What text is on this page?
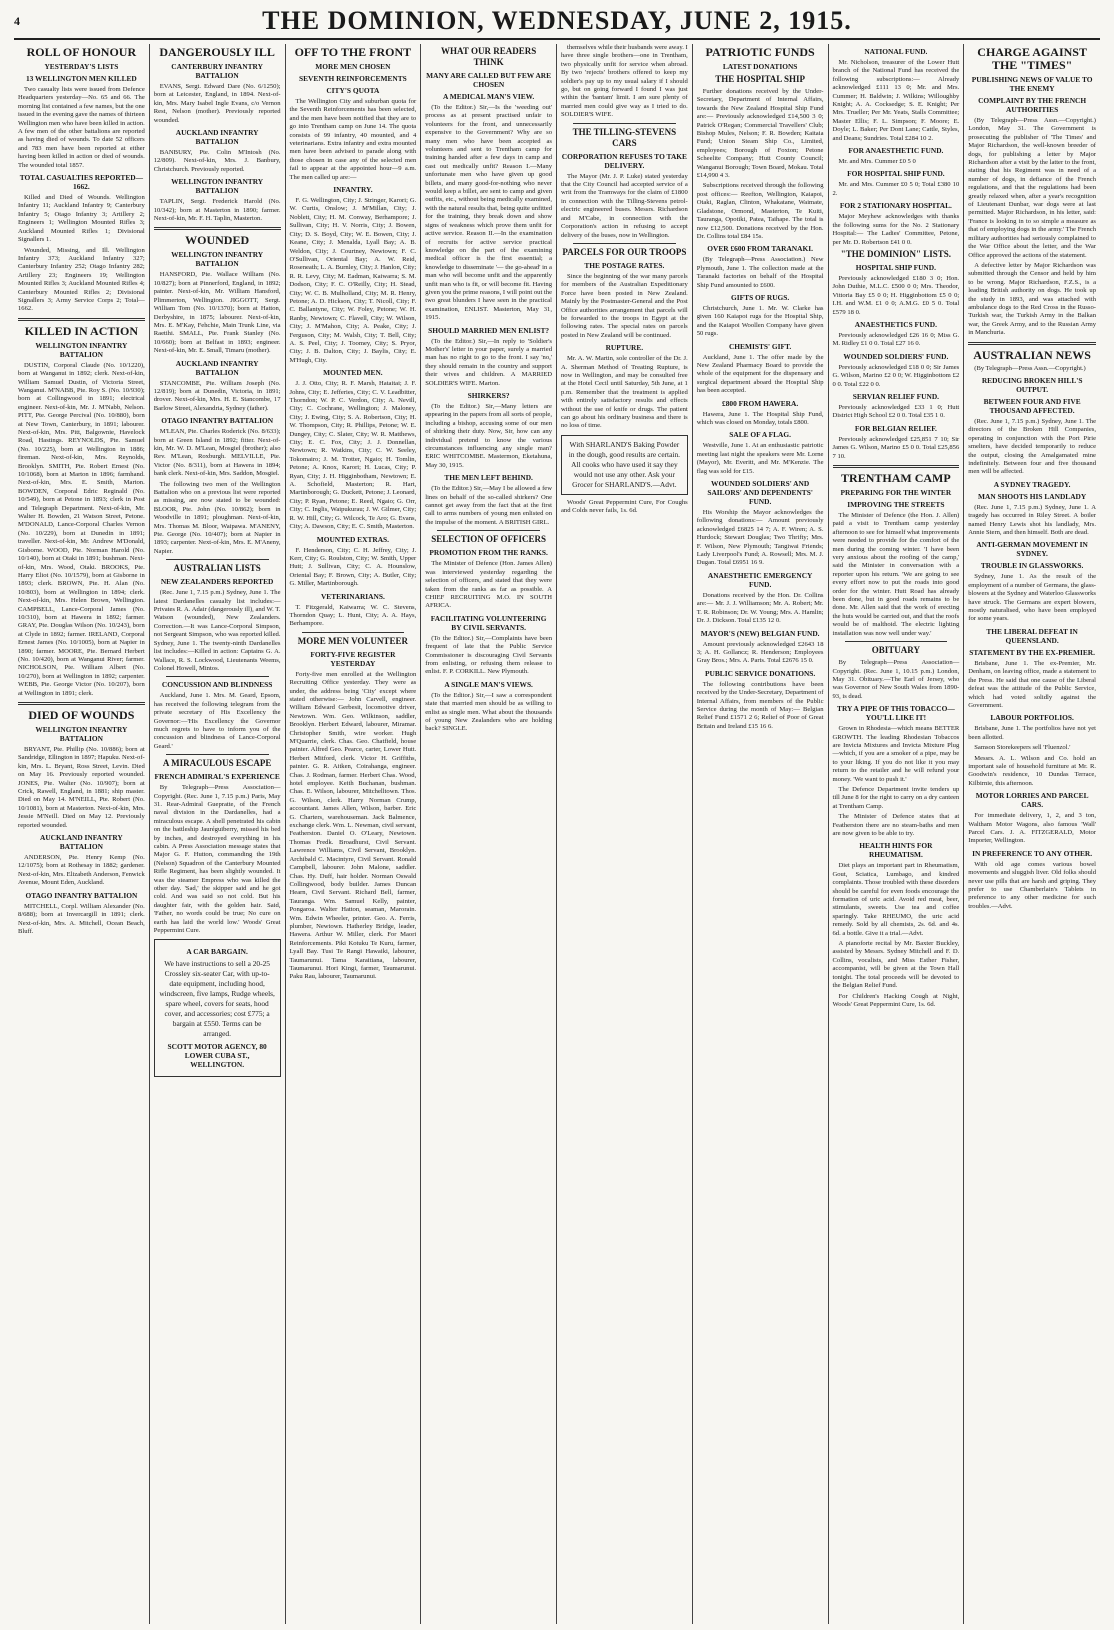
4	THE DOMINION, WEDNESDAY, JUNE 2, 1915.
ROLL OF HONOUR
YESTERDAY'S LISTS
13 WELLINGTON MEN KILLED

Two casualty lists were issued from Defence Headquarters yesterday—No. 65 and 66. The morning list contained a few names, but the one issued in the evening gave the names of thirteen Wellington men who have been killed in action. A few men of the other battalions are reported as having died of wounds. To date 52 officers and 783 men have been reported at either having been killed in action or died of wounds. The wounded total 1857.

TOTAL CASUALTIES REPORTED—1662.

Killed and Died of Wounds. Wellington Infantry 11; Auckland Infantry 9; Canterbury Infantry 5; Otago Infantry 3; Artillery 2; Engineers 1; Wellington Mounted Rifles 3; Auckland Mounted Rifles 1; Divisional Signallers 1.

Wounded, Missing, and Ill. Wellington Infantry 373; Auckland Infantry 327; Canterbury Infantry 252; Otago Infantry 282; Artillery 23; Engineers 19; Wellington Mounted Rifles 3; Auckland Mounted Rifles 4; Canterbury Mounted Rifles 2; Divisional Signallers 3; Army Service Corps 2; Total—1662.

KILLED IN ACTION
WELLINGTON INFANTRY BATTALION

DUSTIN, Corporal Claude (No. 10/1220), born at Wanganui in 1892; clerk. Next-of-kin, William Samuel Dustin, of Victoria Street, Wanganui. M'NABB, Pte. Roy S. (No. 10/930); born at Collingwood in 1891; electrical engineer. Next-of-kin, Mr. J. M'Nabb, Nelson. PITT, Pte. George Percival (No. 10/880), born at New Town, Canterbury, in 1891; labourer. Next-of-kin, Mrs. Pitt, Balgownie, Havelock Road, Hastings. REYNOLDS, Pte. Samuel (No. 10/225), born at Wellington in 1886; fireman. Next-of-kin, Mrs. Reynolds, Brooklyn. SMITH, Pte. Robert Ernest (No. 10/1068), born at Marton in 1896; farmhand. Next-of-kin, Mrs. E. Smith, Marton. BOWDEN, Corporal Edric Reginald (No. 10/549), born at Petone in 1893; clerk in Post and Telegraph Department. Next-of-kin, Mr. Walter H. Bowden, 21 Watson Street, Petone. M'DONALD, Lance-Corporal Charles Vernon (No. 10/229), born at Dunedin in 1891; traveller. Next-of-kin, Mr. Andrew M'Donald, Gisborne. WOOD, Pte. Norman Harold (No. 10/140), born at Otaki in 1891; bushman. Next-of-kin, Mrs. Wood, Otaki. BROOKS, Pte. Harry Eliot (No. 10/1579), born at Gisborne in 1893; clerk. BROWN, Pte. H. Alan (No. 10/803), born at Wellington in 1894; clerk. Next-of-kin, Mrs. Helen Brown, Wellington. CAMPBELL, Lance-Corporal James (No. 10/310), born at Hawera in 1892; farmer. GRAY, Pte. Douglas Wilson (No. 10/243), born at Clyde in 1892; farmer. IRELAND, Corporal Ernest James (No. 10/1005), born at Napier in 1890; farmer. MOORE, Pte. Bernard Herbert (No. 10/420), born at Wanganui River; farmer. NICHOLSON, Pte. William Albert (No. 10/270), born at Wellington in 1892; carpenter. WEBB, Pte. George Victor (No. 10/207), born at Wellington in 1891; clerk.

DIED OF WOUNDS
WELLINGTON INFANTRY BATTALION

BRYANT, Pte. Phillip (No. 10/886); born at Sandridge, Ellington in 1897; Hapuku. Next-of-kin, Mrs. L. Bryant, Ross Street, Levin. Died on May 16. Previously reported wounded. JONES, Pte. Walter (No. 10/907); born at Crick, Rawell, England, in 1881; ship master. Died on May 14. M'NEILL, Pte. Robert (No. 10/1081), born at Masterton. Next-of-kin, Mrs. Jessie M'Neill. Died on May 12. Previously reported wounded.

AUCKLAND INFANTRY BATTALION

ANDERSON, Pte. Henry Kemp (No. 12/1075); born at Rothesay in 1882; gardener. Next-of-kin, Mrs. Elizabeth Anderson, Fenwick Avenue, Mount Eden, Auckland.

OTAGO INFANTRY BATTALION

MITCHELL, Corpl. William Alexander (No. 8/688); born at Invercargill in 1891; clerk. Next-of-kin, Mrs. A. Mitchell, Ocean Beach, Bluff.

DANGEROUSLY ILL
CANTERBURY INFANTRY BATTALION

EVANS, Sergt. Edward Dare (No. 6/1250); born at Leicester, England, in 1894. Next-of-kin, Mrs. Mary Isabel Ingle Evans, c/o Vernon Rest, Nelson (mother). Previously reported wounded.

AUCKLAND INFANTRY BATTALION

BANBURY, Pte. Colin M'Intosh (No. 12/809). Next-of-kin, Mrs. J. Banbury, Christchurch. Previously reported.

WELLINGTON INFANTRY BATTALION

TAPLIN, Sergt. Frederick Harold (No. 10/342); born at Masterton in 1890; farmer. Next-of-kin, Mr. F. H. Taplin, Masterton.

WOUNDED
WELLINGTON INFANTRY BATTALION

HANSFORD, Pte. Wallace William (No. 10/827); born at Pinnerford, England, in 1892; painter. Next-of-kin, Mr. William Hansford, Plimmerton, Wellington. JIGGOTT, Sergt. William Tom (No. 10/1370); born at Hatton, Derbyshire, in 1875; labourer. Next-of-kin, Mrs. E. M'Kay, Fehchie, Main Trunk Line, via Raetihi. SMALL, Pte. Frank Stanley (No. 10/660); born at Belfast in 1893; engineer. Next-of-kin, Mr. E. Small, Timaru (mother).

AUCKLAND INFANTRY BATTALION

STANCOMBE, Pte. William Joseph (No. 12/819); born at Dunedin, Victoria, in 1891; drover. Next-of-kin, Mrs. H. E. Stancombe, 17 Barlow Street, Alexandria, Sydney (father).

OTAGO INFANTRY BATTALION

M'LEAN, Pte. Charles Roderick (No. 8/633); born at Green Island in 1892; fitter. Next-of-kin, Mr. W. D. M'Lean, Mosgiel (brother); also Rev. M'Lean, Roxburgh. MELVILLE, Pte. Victor (No. 8/311), born at Hawera in 1894; bank clerk. Next-of-kin, Mrs. Saddon, Mosgiel.

The following two men of the Wellington Battalion who on a previous list were reported as missing, are now stated to be wounded: BLOOR, Pte. John (No. 10/862); born in Woodville in 1891; ploughman. Next-of-kin, Mrs. Thomas M. Bloor, Waipawa. M'ANENY, Pte. George (No. 10/407); born at Napier in 1893; carpenter. Next-of-kin, Mrs. E. M'Aneny, Napier.

AUSTRALIAN LISTS
NEW ZEALANDERS REPORTED

(Rec. June 1, 7.15 p.m.) Sydney, June 1. The latest Dardanelles casualty list includes:— Privates R. A. Adair (dangerously ill), and W. T. Watson (wounded), New Zealanders. Correction.—It was Lance-Corporal Simpson, not Sergeant Simpson, who was reported killed. Sydney, June 1. The twenty-ninth Dardanelles list includes:—Killed in action: Captains G. A. Wallace, R. S. Lockwood, Lieutenants Weems, Colonel Howell, Mintos.

CONCUSSION AND BLINDNESS

Auckland, June 1. Mrs. M. Geard, Epsom, has received the following telegram from the private secretary of His Excellency the Governor:—'His Excellency the Governor much regrets to have to inform you of the concussion and blindness of Lance-Corporal Geard.'

A MIRACULOUS ESCAPE
FRENCH ADMIRAL'S EXPERIENCE

By Telegraph—Press Association—Copyright. (Rec. June 1, 7.15 p.m.) Paris, May 31. Rear-Admiral Guepratte, of the French naval division in the Dardanelles, had a miraculous escape. A shell penetrated his cabin on the battleship Jauréguiberry, missed his bed by inches, and destroyed everything in his cabin. A Press Association message states that Major G. F. Hutton, commanding the 19th (Nelson) Squadron of the Canterbury Mounted Rifle Regiment, has been slightly wounded. It was the steamer Empress who was killed the other day. 'Sad,' the skipper said and he got cold. And was said so not cold. But his daughter fair, with the golden hair. Said, 'Father, no words could be true; No cure on earth has laid the world low.' Woods' Great Peppermint Cure.

A CAR BARGAIN.
We have instructions to sell a 20-25 Crossley six-seater Car, with up-to-date equipment, including hood, windscreen, five lamps, Rudge wheels, spare wheel, covers for seats, hood cover, and accessories; cost £775; a bargain at £550. Terms can be arranged.
SCOTT MOTOR AGENCY, 80 LOWER CUBA ST., WELLINGTON.
OFF TO THE FRONT
MORE MEN CHOSEN
SEVENTH REINFORCEMENTS
CITY'S QUOTA

The Wellington City and suburban quota for the Seventh Reinforcements has been selected, and the men have been notified that they are to go into Trentham camp on June 14. The quota consists of 99 infantry, 40 mounted, and 4 veterinarians. Extra infantry and extra mounted men have been advised to parade along with those chosen in case any of the selected men fail to appear at the appointed hour—9 a.m. The men called up are:—

INFANTRY.

F. G. Wellington, City; J. Stringer, Karori; G. W. Curtis, Onslow; J. M'Millan, City; J. Noblett, City; H. M. Conway, Berhampore; J. Sullivan, City; H. V. Norris, City; J. Bowen, City; D. S. Boyd, City; W. E. Bowen, City; J. Keane, City; J. Menalda, Lyall Bay; A. B. Weldon, City; J. Courtney, Newtown; F. C. O'Sullivan, Oriental Bay; A. W. Reid, Roseneath; L. A. Burnley, City; J. Hanlon, City; R. R. Levy, City; M. Eadman, Kaiwarra; S. M. Dodson, City; F. C. O'Reilly, City; H. Stead, City; W. C. B. Mulholland, City; M. R. Henry, Petone; A. D. Hickson, City; T. Nicoll, City; F. C. Ballantyne, City; W. Foley, Petone; W. H. Ranby, Newtown; C. Flavell, City; W. Wilson, City; J. M'Mahon, City; A. Peake, City; J. Ferguson, City; M. Walsh, City; T. Bell, City; A. S. Peel, City; J. Toomey, City; S. Pryor, City; J. B. Dalton, City; J. Baylis, City; E. M'Hugh, City.

MOUNTED MEN.

J. J. Otto, City; R. F. Marsh, Hataitai; J. F. Johns, City; E. Jefferies, City; C. V. Leadbitter, Thorndon; W. P. C. Verdon, City; A. Nevill, City; C. Cochrane, Wellington; J. Maloney, City; J. Ewing, City; S. A. Robertson, City; H. W. Thompson, City; R. Phillips, Petone; W. E. Dungey, City; C. Slater, City; W. R. Matthews, City; E. C. Fox, City; J. J. Donnellan, Newtown; R. Watkins, City; C. W. Seeley, Tokomairo; J. M. Trotter, Ngaio; H. Tomlin, Petone; A. Knox, Karori; H. Lucas, City; P. Ryan, City; J. H. Higginbotham, Newtown; E. A. Schofield, Masterton; R. Hart, Martinborough; G. Duckett, Petone; J. Leonard, City; P. Ryan, Petone; E. Reed, Ngaio; G. Orr, City; C. Inglis, Waipukurau; J. W. Gilmer, City; R. W. Hill, City; G. Wilcock, Te Aro; G. Evans, City; A. Dawson, City; E. C. Smith, Masterton.

MOUNTED EXTRAS.

F. Henderson, City; C. H. Jeffrey, City; J. Kerr, City; G. Roulston, City; W. Smith, Upper Hutt; J. Sullivan, City; C. A. Hounslow, Oriental Bay; F. Brown, City; A. Butler, City; G. Miller, Martinborough.

VETERINARIANS.

T. Fitzgerald, Kaiwarra; W. C. Stevens, Thorndon Quay; L. Hunt, City; A. A. Hays, Berhampore.

MORE MEN VOLUNTEER
FORTY-FIVE REGISTER YESTERDAY

Forty-five men enrolled at the Wellington Recruiting Office yesterday. They were as under, the address being 'City' except where stated otherwise:— John Carvell, engineer. William Edward Gerbesit, locomotive driver, Newtown. Wm. Geo. Wilkinson, saddler, Brooklyn. Herbert Edward, labourer, Miramar. Christopher Smith, wire worker. Hugh M'Quarrie, clerk. Chas. Geo. Chatfield, house painter. Alfred Geo. Pearce, carter, Lower Hutt. Herbert Mitford, clerk. Victor H. Griffiths, painter. G. R. Aitken, Coirahanga, engineer. Chas. J. Rodman, farmer. Herbert Chas. Wood, hotel employee. Keith Buchanan, bushman. Chas. E. Wilson, labourer, Mitchelltown. Thos. G. Wilson, clerk. Harry Norman Crump, accountant. James Allen, Wilson, barber. Eric G. Charters, warehouseman. Jack Balmence, exchange clerk. Wm. L. Newman, civil servant, Featherston. Daniel O. O'Leary, Newtown. Thomas Fredk. Broadhurst, Civil Servant. Lawrence Williams, Civil Servant, Brooklyn. Archibald C. Macintyre, Civil Servant. Ronald Campbell, labourer. John Malone, saddler. Chas. Hy. Duff, hair holder. Norman Oswald Collingwood, body builder. James Duncan Hearn, Civil Servant. Richard Bell, farmer, Tauranga. Wm. Samuel Kelly, painter, Pongaroa. Walter Hatton, seaman, Marorain. Wm. Edwin Wheeler, printer. Geo. A. Ferris, plumber, Newtown. Hatherley Bridge, leader, Hawera. Arthur W. Miller, clerk. For Maori Reinforcements. Piki Kotuku Te Kuru, farmer, Lyall Bay. Tusi Te Rangi Hawaiki, labourer, Taumarunui. Tama Karaitiana, labourer, Taumarunui. Hori Kingi, farmer, Taumarunui. Paku Rau, labourer, Taumarunui.

WHAT OUR READERS THINK
MANY ARE CALLED BUT FEW ARE CHOSEN
A MEDICAL MAN'S VIEW.

(To the Editor.) Sir,—Is the 'weeding out' process as at present practised unfair to volunteers for the front, and unnecessarily expensive to the Government? Why are so many men who have been accepted as volunteers and sent to Trentham camp for training handed after a few days in camp and cast out medically unfit? Reason I.—Many unfortunate men who have given up good billets, and many good-for-nothing who never would keep a billet, are sent to camp and given outfits, etc., without being medically examined, with the natural results that, being quite unfitted for the training, they break down and show signs of weakness which prove them unfit for active service. Reason II.—In the examination of recruits for active service practical knowledge on the part of the examining medical officer is the first essential; a knowledge to disseminate '— the go-ahead' in a man who will become unfit and the apparently unfit man who is fit, or will become fit. Having given you the prime reasons, I will point out the two great blunders I have seen in the practical examination, ENLIST. Masterton, May 31, 1915.

SHOULD MARRIED MEN ENLIST?

(To the Editor.) Sir,—In reply to 'Soldier's Mother's' letter in your paper, surely a married man has no right to go to the front. I say 'no,' they should remain in the country and support their wives and children. A MARRIED SOLDIER'S WIFE. Marton.

SHIRKERS?

(To the Editor.) Sir,—Many letters are appearing in the papers from all sorts of people, including a bishop, accusing some of our men of shirking their duty. Now, Sir, how can any individual pretend to know the various circumstances influencing any single man? ERIC WHITCOMBE. Mastermon, Eketahuna, May 30, 1915.

THE MEN LEFT BEHIND.

(To the Editor.) Sir,—May I be allowed a few lines on behalf of the so-called shirkers? One cannot get away from the fact that at the first call to arms numbers of young men enlisted on the impulse of the moment. A BRITISH GIRL.

SELECTION OF OFFICERS
PROMOTION FROM THE RANKS.

The Minister of Defence (Hon. James Allen) was interviewed yesterday regarding the selection of officers, and stated that they were taken from the ranks as far as possible. A CHIEF RECRUITING M.O. IN SOUTH AFRICA.

FACILITATING VOLUNTEERING BY CIVIL SERVANTS.

(To the Editor.) Sir,—Complaints have been frequent of late that the Public Service Commissioner is discouraging Civil Servants from enlisting, or refusing them release to enlist. F. P. CORKILL. New Plymouth.

A SINGLE MAN'S VIEWS.

(To the Editor.) Sir,—I saw a correspondent state that married men should be as willing to enlist as single men. What about the thousands of young New Zealanders who are holding back? SINGLE.

themselves while their husbands were away. I have three single brothers—one in Trentham, two physically unfit for service when abroad. By two 'rejects' brothers offered to keep my soldier's pay up to my usual salary if I should go, but on going forward I found I was just within the 'bantam' limit. I am sure plenty of married men could give way as I tried to do. SOLDIER'S WIFE.

THE TILLING-STEVENS CARS
CORPORATION REFUSES TO TAKE DELIVERY.

The Mayor (Mr. J. P. Luke) stated yesterday that the City Council had accepted service of a writ from the Tramways for the claim of £1800 in connection with the Tilling-Stevens petrol-electric engineered buses. Messrs. Richardson and M'Cabe, in connection with the Corporation's action in refusing to accept delivery of the buses, now in Wellington.

PARCELS FOR OUR TROOPS
THE POSTAGE RATES.

Since the beginning of the war many parcels for members of the Australian Expeditionary Force have been posted in New Zealand. Mainly by the Postmaster-General and the Post Office authorities arrangement that parcels will be forwarded to the troops in Egypt at the following rates. The special rates on parcels posted in New Zealand will be continued.

RUPTURE.

Mr. A. W. Martin, sole controller of the Dr. J. A. Sherman Method of Treating Rupture, is now in Wellington, and may be consulted free at the Hotel Cecil until Saturday, 5th June, at 1 p.m. Remember that the treatment is applied with entirely satisfactory results and effects without the use of knife or drugs. The patient can go about his ordinary business and there is no loss of time.

With SHARLAND'S Baking Powder in the dough, good results are certain. All cooks who have used it say they would not use any other. Ask your Grocer for SHARLAND'S.—Advt.

Woods' Great Peppermint Cure, For Coughs and Colds never fails, 1s. 6d.

PATRIOTIC FUNDS
LATEST DONATIONS
THE HOSPITAL SHIP

Further donations received by the Under-Secretary, Department of Internal Affairs, towards the New Zealand Hospital Ship Fund are:— Previously acknowledged £14,500 3 0; Patrick O'Regan; Commercial Travellers' Club; Bishop Mules, Nelson; F. R. Bowden; Kaitaia Fund; Union Steam Ship Co., Limited, employees; Borough of Foxton; Petone Scheelite Company; Hutt County Council; Wanganui Borough; Town Board, Mokau. Total £14,990 4 3.

Subscriptions received through the following post offices:— Reefton, Wellington, Kaiapoi, Otaki, Raglan, Clinton, Whakatane, Waimate, Gladstone, Ormond, Masterton, Te Kuiti, Tauranga, Opotiki, Patea, Taihape. The total is now £12,500. Donations received by the Hon. Dr. Collins total £84 15s.

OVER £600 FROM TARANAKI.

(By Telegraph—Press Association.) New Plymouth, June 1. The collection made at the Taranaki factories on behalf of the Hospital Ship Fund amounted to £600.

GIFTS OF RUGS.

Christchurch, June 1. Mr. W. Clarke has given 160 Kaiapoi rugs for the Hospital Ship, and the Kaiapoi Woollen Company have given 50 rugs.

CHEMISTS' GIFT.

Auckland, June 1. The offer made by the New Zealand Pharmacy Board to provide the whole of the equipment for the dispensary and surgical department aboard the Hospital Ship has been accepted.

£800 FROM HAWERA.

Hawera, June 1. The Hospital Ship Fund, which was closed on Monday, totals £800.

SALE OF A FLAG.

Westville, June 1. At an enthusiastic patriotic meeting last night the speakers were Mr. Lorne (Mayor), Mr. Everitt, and Mr. M'Kenzie. The flag was sold for £15.

WOUNDED SOLDIERS' AND SAILORS' AND DEPENDENTS' FUND.

His Worship the Mayor acknowledges the following donations:— Amount previously acknowledged £6825 14 7; A. F. Wiren; A. S. Hurdock; Stewart Douglas; Two Thrifty; Mrs. F. Wilson, New Plymouth; Tangiwai Friends; Lady Liverpool's Fund; A. Rowsell; Mrs. M. J. Dugan. Total £6951 16 9.

ANAESTHETIC EMERGENCY FUND.

Donations received by the Hon. Dr. Collins are:— Mr. J. J. Williamson; Mr. A. Robert; Mr. T. R. Robinson; Dr. W. Young; Mrs. A. Hamlin; Dr. J. Dickson. Total £135 12 0.

MAYOR'S (NEW) BELGIAN FUND.

Amount previously acknowledged £2643 18 3; A. H. Gollancz; R. Henderson; Employees Gray Bros.; Mrs. A. Paris. Total £2676 15 0.

PUBLIC SERVICE DONATIONS.

The following contributions have been received by the Under-Secretary, Department of Internal Affairs, from members of the Public Service during the month of May:— Belgian Relief Fund £1571 2 6; Relief of Poor of Great Britain and Ireland £15 16 6.

NATIONAL FUND.

Mr. Nicholson, treasurer of the Lower Hutt branch of the National Fund has received the following subscriptions:— Already acknowledged £111 13 0; Mr. and Mrs. Cummer; H. Baldwin; J. Wilkins; Willoughby Knight; A. A. Cocksedge; S. E. Knight; Per Mrs. Trueller; Per Mr. Yeats, Stalls Committee; Master Ellis; F. L. Simpson; F. Moore; E. Doyle; L. Baker; Per Dont Lane; Cattle, Styles, and Deans; Sundries. Total £284 10 2.

FOR ANAESTHETIC FUND.

Mr. and Mrs. Cummer £0 5 0

FOR HOSPITAL SHIP FUND.

Mr. and Mrs. Cummer £0 5 0; Total £380 10 2.

FOR 2 STATIONARY HOSPITAL.

Major Meyhew acknowledges with thanks the following sums for the No. 2 Stationary Hospital:— The Ladies' Committee, Petone, per Mr. D. Robertson £41 0 0.

"THE DOMINION" LISTS.
HOSPITAL SHIP FUND.

Previously acknowledged £180 3 0; Hon. John Duthie, M.L.C. £500 0 0; Mrs. Theodor, Vittoria Bay £5 0 0; H. Higginbottom £5 0 0; I.H. and W.M. £1 0 0; A.M.G. £0 5 0. Total £579 18 0.

ANAESTHETICS FUND.

Previously acknowledged £26 16 0; Miss G. M. Ridley £1 0 0. Total £27 16 0.

WOUNDED SOLDIERS' FUND.

Previously acknowledged £18 0 0; Sir James G. Wilson, Marino £2 0 0; W. Higginbottom £2 0 0. Total £22 0 0.

SERVIAN RELIEF FUND.

Previously acknowledged £33 1 0; Hutt District High School £2 0 0. Total £35 1 0.

FOR BELGIAN RELIEF.

Previously acknowledged £25,851 7 10; Sir James G. Wilson, Marino £5 0 0. Total £25,856 7 10.

TRENTHAM CAMP
PREPARING FOR THE WINTER
IMPROVING THE STREETS

The Minister of Defence (the Hon. J. Allen) paid a visit to Trentham camp yesterday afternoon to see for himself what improvements were needed to provide for the comfort of the men during the coming winter. 'I have been very anxious about the roofing of the camp,' said the Minister in conversation with a reporter upon his return. 'We are going to see every effort now to put the roads into good order for the winter. Hutt Road has already been done, but in good roads remains to be done. Mr. Allen said that the work of erecting the huts would be carried out, and that the roofs would be of malthoid. The electric lighting installation was now well under way.'

OBITUARY

By Telegraph—Press Association—Copyright. (Rec. June 1, 10.15 p.m.) London, May 31. Obituary.—The Earl of Jersey, who was Governor of New South Wales from 1890-93, is dead.

TRY A PIPE OF THIS TOBACCO—YOU'LL LIKE IT!

Grown in Rhodesia—which means BETTER GROWTH. The leading Rhodesian Tobaccos are Invicta Mixtures and Invicta Mixture Plug—which, if you are a smoker of a pipe, may be to your liking. If you do not like it you may return to the retailer and he will refund your money. 'We want to push it.'

The Defence Department invite tenders up till June 8 for the right to carry on a dry canteen at Trentham Camp.

The Minister of Defence states that at Featherston there are no steam-baths and men are now given to be able to try.

HEALTH HINTS FOR RHEUMATISM.

Diet plays an important part in Rheumatism, Gout, Sciatica, Lumbago, and kindred complaints. Those troubled with these disorders should be careful for even foods encourage the formation of uric acid. Avoid red meat, beer, stimulants, sweets. Use tea and coffee sparingly. Take RHEUMO, the uric acid remedy. Sold by all chemists, 2s. 6d. and 4s. 6d. a bottle. Give it a trial.—Advt.

A pianoforte recital by Mr. Baxter Buckley, assisted by Messrs. Sydney Mitchell and F. D. Collins, vocalists, and Miss Esther Fisher, accompanist, will be given at the Town Hall tonight. The total proceeds will be devoted to the Belgian Relief Fund.

For Children's Hacking Cough at Night, Woods' Great Peppermint Cure, 1s. 6d.

CHARGE AGAINST THE "TIMES"
PUBLISHING NEWS OF VALUE TO THE ENEMY
COMPLAINT BY THE FRENCH AUTHORITIES

(By Telegraph—Press Assn.—Copyright.) London, May 31. The Government is prosecuting the publisher of 'The Times' and Major Richardson, the well-known breeder of dogs, for publishing a letter by Major Richardson after a visit by the latter to the front, stating that his Regiment was in need of a number of dogs, in defiance of the French regulations, and that the regulations had been greatly relaxed when, after a year's recognition of Lieutenant Dunbar, war dogs were at last permitted. Major Richardson, in his letter, said: 'France is looking in to so simple a measure as that of employing dogs in the army.' The French military authorities had seriously complained to the War Office about the letter, and the War Office approved the actions of the statement.

A defective letter by Major Richardson was submitted through the Censor and held by him to be wrong. Major Richardson, F.Z.S., is a leading British authority on dogs. He took up the study in 1893, and was attached with ambulance dogs to the Red Cross in the Russo-Turkish war, the Turkish Army in the Balkan war, the Greek Army, and to the Russian Army in Manchuria.

AUSTRALIAN NEWS

(By Telegraph—Press Assn.—Copyright.)

REDUCING BROKEN HILL'S OUTPUT.
BETWEEN FOUR AND FIVE THOUSAND AFFECTED.

(Rec. June 1, 7.15 p.m.) Sydney, June 1. The directors of the Broken Hill Companies, operating in conjunction with the Port Pirie smelters, have decided temporarily to reduce the output, closing the Amalgamated mine indefinitely. Between four and five thousand men will be affected.

A SYDNEY TRAGEDY.
MAN SHOOTS HIS LANDLADY

(Rec. June 1, 7.15 p.m.) Sydney, June 1. A tragedy has occurred in Riley Street. A boiler named Henry Lewis shot his landlady, Mrs. Annie Stern, and then himself. Both are dead.

ANTI-GERMAN MOVEMENT IN SYDNEY.
TROUBLE IN GLASSWORKS.

Sydney, June 1. As the result of the employment of a number of Germans, the glass-blowers at the Sydney and Waterloo Glassworks have struck. The Germans are expert blowers, mostly naturalised, who have been employed for some years.

THE LIBERAL DEFEAT IN QUEENSLAND.
STATEMENT BY THE EX-PREMIER.

Brisbane, June 1. The ex-Premier, Mr. Denham, on leaving office, made a statement to the Press. He said that one cause of the Liberal defeat was the attitude of the Public Service, which had voted solidly against the Government.

LABOUR PORTFOLIOS.

Brisbane, June 1. The portfolios have not yet been allotted.

Samson Storekeepers sell 'Fluenzol.'

Messrs. A. L. Wilson and Co. hold an important sale of household furniture at Mr. R. Goodwin's residence, 10 Dundas Terrace, Kilbirnie, this afternoon.

MOTOR LORRIES AND PARCEL CARS.

For immediate delivery, 1, 2, and 3 ton, Waltham Motor Wagons, also famous 'Wall' Parcel Cars. J. A. FITZGERALD, Motor Importer, Wellington.

IN PREFERENCE TO ANY OTHER.

With old age comes various bowel movements and sluggish liver. Old folks should never use pills that are harsh and griping. They prefer to use Chamberlain's Tablets in preference to any other medicine for such troubles.—Advt.
